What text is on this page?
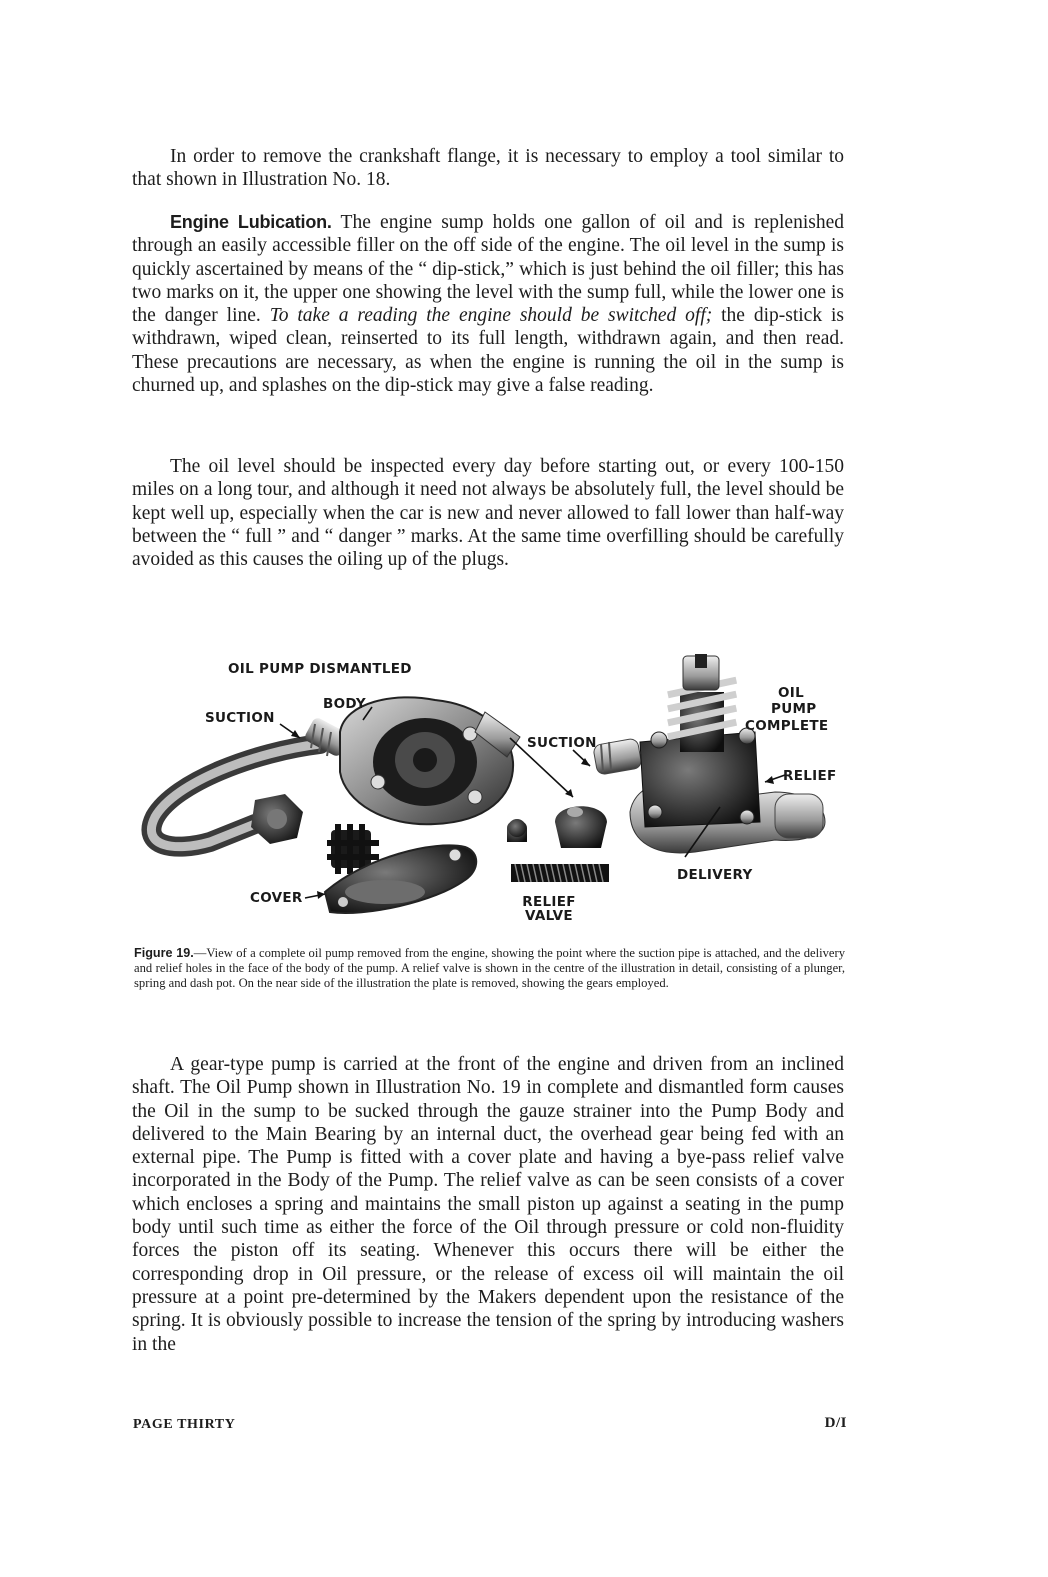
In order to remove the crankshaft flange, it is necessary to employ a tool similar to that shown in Illustration No. 18.

Engine Lubication. The engine sump holds one gallon of oil and is replenished through an easily accessible filler on the off side of the engine. The oil level in the sump is quickly ascertained by means of the “ dip-stick,” which is just behind the oil filler; this has two marks on it, the upper one showing the level with the sump full, while the lower one is the danger line. To take a reading the engine should be switched off; the dip-stick is withdrawn, wiped clean, reinserted to its full length, withdrawn again, and then read. These precautions are necessary, as when the engine is running the oil in the sump is churned up, and splashes on the dip-stick may give a false reading.

The oil level should be inspected every day before starting out, or every 100-150 miles on a long tour, and although it need not always be absolutely full, the level should be kept well up, especially when the car is new and never allowed to fall lower than half-way between the “ full ” and “ danger ” marks. At the same time overfilling should be carefully avoided as this causes the oiling up of the plugs.

OIL PUMP DISMANTLED
BODY
SUCTION
SUCTION
OIL
PUMP
COMPLETE
RELIEF
DELIVERY
COVER	RELIEF
VALVE

Figure 19.—View of a complete oil pump removed from the engine, showing the point where the suction pipe is attached, and the delivery and relief holes in the face of the body of the pump. A relief valve is shown in the centre of the illustration in detail, consisting of a plunger, spring and dash pot. On the near side of the illustration the plate is removed, showing the gears employed.

A gear-type pump is carried at the front of the engine and driven from an inclined shaft. The Oil Pump shown in Illustration No. 19 in complete and dismantled form causes the Oil in the sump to be sucked through the gauze strainer into the Pump Body and delivered to the Main Bearing by an internal duct, the overhead gear being fed with an external pipe. The Pump is fitted with a cover plate and having a bye-pass relief valve incorporated in the Body of the Pump. The relief valve as can be seen consists of a cover which encloses a spring and maintains the small piston up against a seating in the pump body until such time as either the force of the Oil through pressure or cold non-fluidity forces the piston off its seating. Whenever this occurs there will be either the corresponding drop in Oil pressure, or the release of excess oil will maintain the oil pressure at a point pre-determined by the Makers dependent upon the resistance of the spring. It is obviously possible to increase the tension of the spring by introducing washers in the

PAGE THIRTY	D/I
